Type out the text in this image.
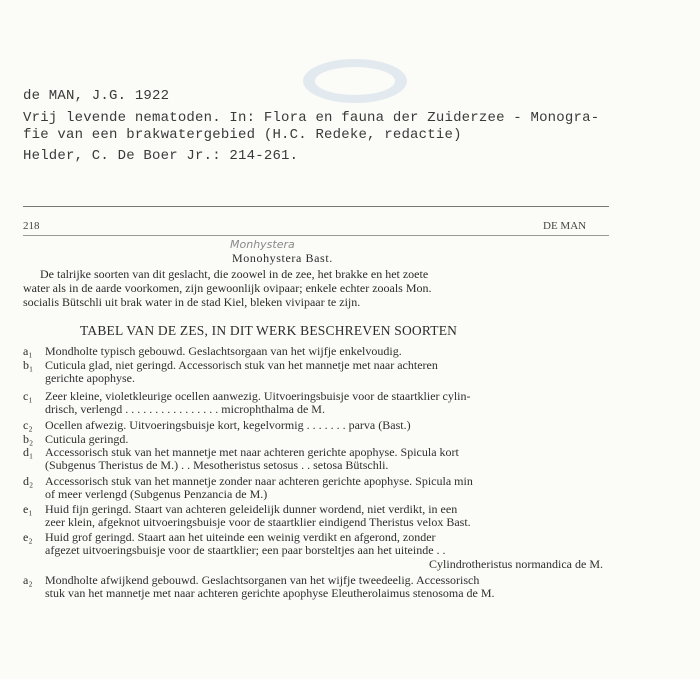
de MAN, J.G. 1922
Vrij levende nematoden. In: Flora en fauna der Zuiderzee - Monogra-
fie van een brakwatergebied (H.C. Redeke, redactie)
Helder, C. De Boer Jr.: 214-261.
218	DE MAN
Monhystera
Monohystera Bast.
De talrijke soorten van dit geslacht, die zoowel in de zee, het brakke en het zoete
water als in de aarde voorkomen, zijn gewoonlijk ovipaar; enkele echter zooals Mon.
socialis Bütschli uit brak water in de stad Kiel, bleken vivipaar te zijn.
TABEL VAN DE ZES, IN DIT WERK BESCHREVEN SOORTEN
a₁	Mondholte typisch gebouwd. Geslachtsorgaan van het wijfje enkelvoudig.
b₁ Cuticula glad, niet geringd. Accessorisch stuk van het mannetje met naar achteren
gerichte apophyse.
c₁	Zeer kleine, violetkleurige ocellen aanwezig. Uitvoeringsbuisje voor de staartklier cylin-
drisch, verlengd . . . . . . . . . . . . . . . . microphthalma de M.
c₂	Ocellen afwezig. Uitvoeringsbuisje kort, kegelvormig . . . . . . . parva (Bast.)
b₂ Cuticula geringd.
d₁ Accessorisch stuk van het mannetje met naar achteren gerichte apophyse. Spicula kort
(Subgenus Theristus de M.) . . Mesotheristus setosus . . setosa Bütschli.
d₂ Accessorisch stuk van het mannetje zonder naar achteren gerichte apophyse. Spicula min
of meer verlengd (Subgenus Penzancia de M.)
e₁	Huid fijn geringd. Staart van achteren geleidelijk dunner wordend, niet verdikt, in een
zeer klein, afgeknot uitvoeringsbuisje voor de staartklier eindigend Theristus velox Bast.
e₂	Huid grof geringd. Staart aan het uiteinde een weinig verdikt en afgerond, zonder
afgezet uitvoeringsbuisje voor de staartklier; een paar borsteltjes aan het uiteinde . .
Cylindrotheristus normandica de M.
a₂	Mondholte afwijkend gebouwd. Geslachtsorganen van het wijfje tweedeelig. Accessorisch
stuk van het mannetje met naar achteren gerichte apophyse Eleutherolaimus stenosoma de M.
